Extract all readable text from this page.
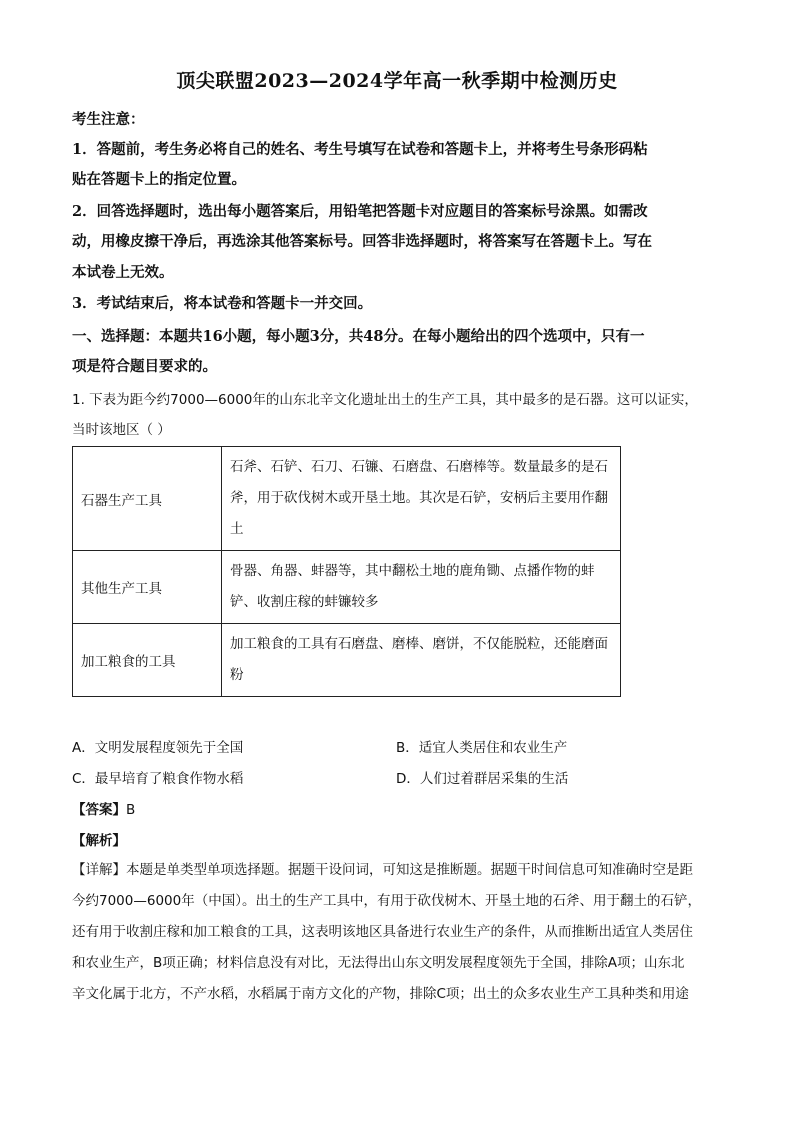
顶尖联盟2023—2024学年高一秋季期中检测历史
考生注意：
1．答题前，考生务必将自己的姓名、考生号填写在试卷和答题卡上，并将考生号条形码粘
贴在答题卡上的指定位置。
2．回答选择题时，选出每小题答案后，用铅笔把答题卡对应题目的答案标号涂黑。如需改
动，用橡皮擦干净后，再选涂其他答案标号。回答非选择题时，将答案写在答题卡上。写在
本试卷上无效。
3．考试结束后，将本试卷和答题卡一并交回。
一、选择题：本题共16小题，每小题3分，共48分。在每小题给出的四个选项中，只有一
项是符合题目要求的。
1. 下表为距今约7000—6000年的山东北辛文化遗址出土的生产工具，其中最多的是石器。这可以证实，
当时该地区（ ）
石器生产工具	石斧、石铲、石刀、石镰、石磨盘、石磨棒等。数量最多的是石
斧，用于砍伐树木或开垦土地。其次是石铲，安柄后主要用作翻
土

其他生产工具	骨器、角器、蚌器等，其中翻松土地的鹿角锄、点播作物的蚌
铲、收割庄稼的蚌镰较多

加工粮食的工具	加工粮食的工具有石磨盘、磨棒、磨饼，不仅能脱粒，还能磨面
粉
A．文明发展程度领先于全国	B．适宜人类居住和农业生产
C．最早培育了粮食作物水稻	D．人们过着群居采集的生活
【答案】B
【解析】
【详解】本题是单类型单项选择题。据题干设问词，可知这是推断题。据题干时间信息可知准确时空是距
今约7000—6000年（中国）。出土的生产工具中，有用于砍伐树木、开垦土地的石斧、用于翻土的石铲，
还有用于收割庄稼和加工粮食的工具，这表明该地区具备进行农业生产的条件，从而推断出适宜人类居住
和农业生产，B项正确；材料信息没有对比，无法得出山东文明发展程度领先于全国，排除A项；山东北
辛文化属于北方，不产水稻，水稻属于南方文化的产物，排除C项；出土的众多农业生产工具种类和用途
